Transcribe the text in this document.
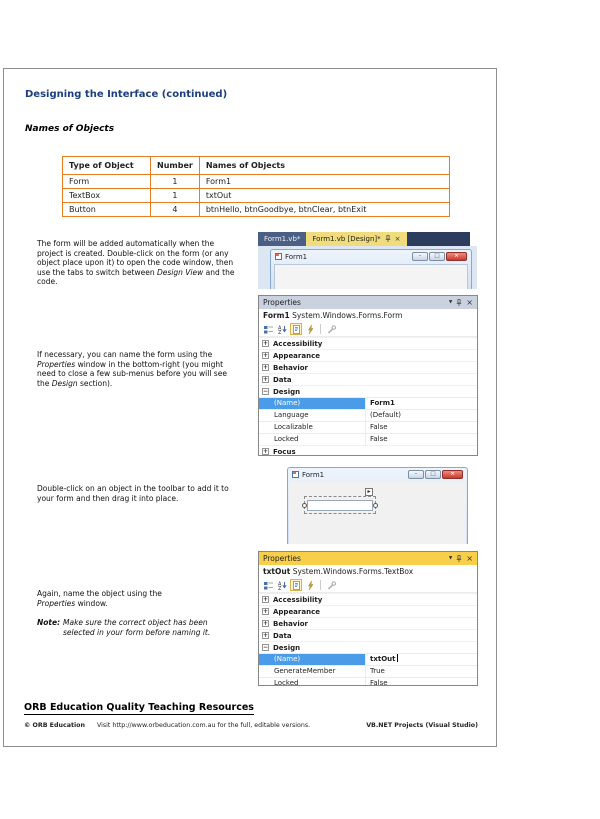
Designing the Interface (continued)
Names of Objects
Type of Object	Number	Names of Objects
Form	1	Form1
TextBox	1	txtOut
Button	4	btnHello, btnGoodbye, btnClear, btnExit

The form will be added automatically when the project is created. Double-click on the form (or any object place upon it) to open the code window, then use the tabs to switch between Design View and the code.

Form1.vb*	Form1.vb [Design]* ×
Form1	–	□	×
Properties	▼ ×
Form1 System.Windows.Forms.Form
A
Z
+ Accessibility
+ Appearance
+ Behavior
+ Data
− Design
(Name)	Form1
Language	(Default)
Localizable	False
Locked	False
+ Focus

If necessary, you can name the form using the Properties window in the bottom-right (you might need to close a few sub-menus before you will see the Design section).

Double-click on an object in the toolbar to add it to your form and then drag it into place.

Form1	–	□	×
▸
Properties	▼ ×
txtOut System.Windows.Forms.TextBox
A
Z
+ Accessibility
+ Appearance
+ Behavior
+ Data
− Design
(Name)	txtOut
GenerateMember	True
Locked	False

Again, name the object using the Properties window.

Note: Make sure the correct object has been selected in your form before naming it.
ORB Education Quality Teaching Resources
© ORB Education Visit http://www.orbeducation.com.au for the full, editable versions.	VB.NET Projects (Visual Studio)
